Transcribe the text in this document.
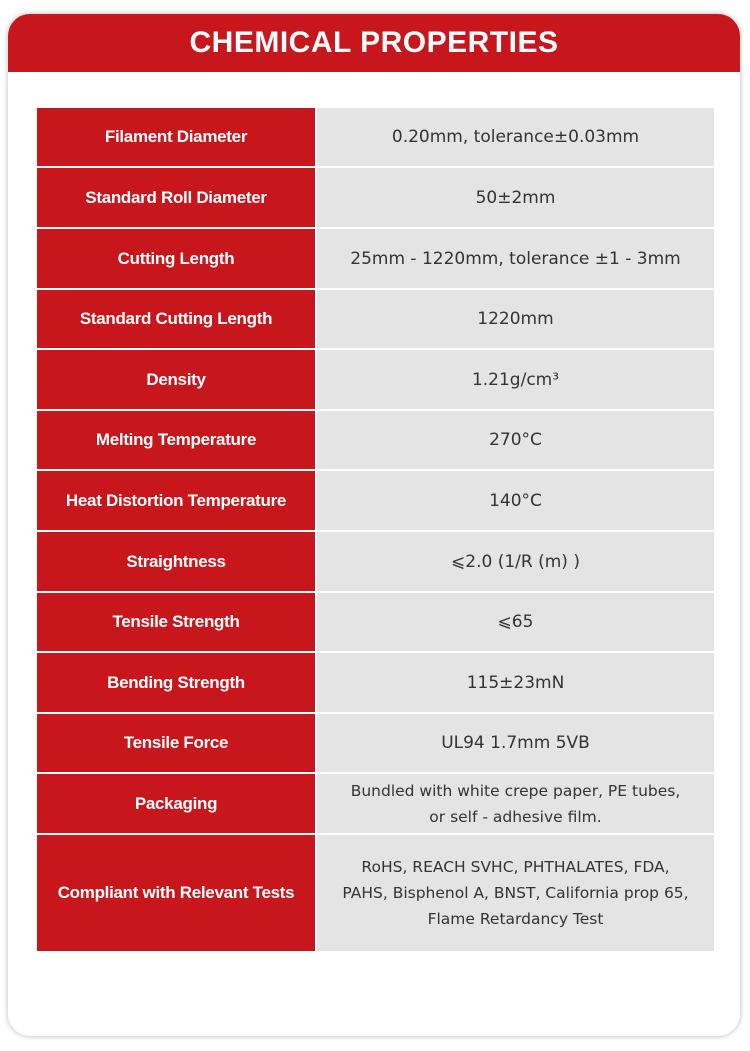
CHEMICAL PROPERTIES
Filament Diameter	0.20mm, tolerance±0.03mm
Standard Roll Diameter	50±2mm
Cutting Length	25mm - 1220mm, tolerance ±1 - 3mm
Standard Cutting Length	1220mm
Density	1.21g/cm³
Melting Temperature	270°C
Heat Distortion Temperature	140°C
Straightness	⩽2.0 (1/R (m) )
Tensile Strength	⩽65
Bending Strength	115±23mN
Tensile Force	UL94 1.7mm 5VB
Packaging	Bundled with white crepe paper, PE tubes,
or self - adhesive film.

Compliant with Relevant Tests	RoHS, REACH SVHC, PHTHALATES, FDA,
PAHS, Bisphenol A, BNST, California prop 65,
Flame Retardancy Test
